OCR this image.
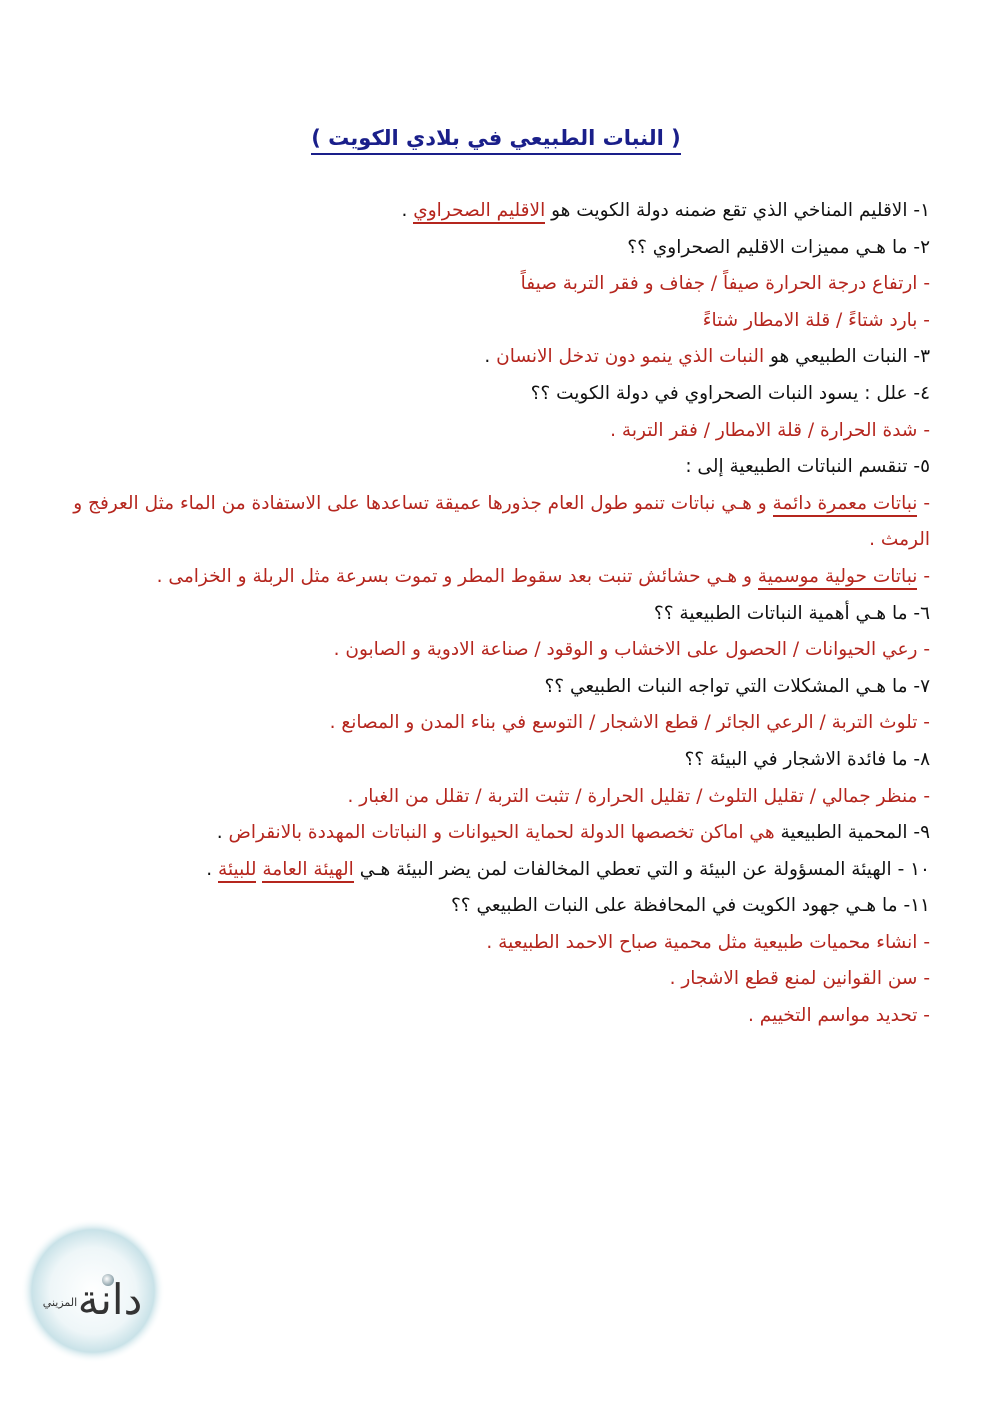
( النبات الطبيعي في بلادي الكويت )
١- الاقليم المناخي الذي تقع ضمنه دولة الكويت هو الاقليم الصحراوي .
٢- ما هـي مميزات الاقليم الصحراوي ؟؟
- ارتفاع درجة الحرارة صيفاً / جفاف و فقر التربة صيفاً
- بارد شتاءً / قلة الامطار شتاءً
٣- النبات الطبيعي هو النبات الذي ينمو دون تدخل الانسان .
٤- علل : يسود النبات الصحراوي في دولة الكويت ؟؟
- شدة الحرارة / قلة الامطار / فقر التربة .
٥- تنقسم النباتات الطبيعية إلى :
- نباتات معمرة دائمة و هـي نباتات تنمو طول العام جذورها عميقة تساعدها على الاستفادة من الماء مثل العرفج و الرمث .
- نباتات حولية موسمية و هـي حشائش تنبت بعد سقوط المطر و تموت بسرعة مثل الربلة و الخزامى .
٦- ما هـي أهمية النباتات الطبيعية ؟؟
- رعي الحيوانات / الحصول على الاخشاب و الوقود / صناعة الادوية و الصابون .
٧- ما هـي المشكلات التي تواجه النبات الطبيعي ؟؟
- تلوث التربة / الرعي الجائر / قطع الاشجار / التوسع في بناء المدن و المصانع .
٨- ما فائدة الاشجار في البيئة ؟؟
- منظر جمالي / تقليل التلوث / تقليل الحرارة / تثبت التربة / تقلل من الغبار .
٩- المحمية الطبيعية هي اماكن تخصصها الدولة لحماية الحيوانات و النباتات المهددة بالانقراض .
١٠ - الهيئة المسؤولة عن البيئة و التي تعطي المخالفات لمن يضر البيئة هـي الهيئة العامة للبيئة .
١١- ما هـي جهود الكويت في المحافظة على النبات الطبيعي ؟؟
- انشاء محميات طبيعية مثل محمية صباح الاحمد الطبيعية .
- سن القوانين لمنع قطع الاشجار .
- تحديد مواسم التخييم .
دانة
المزيني
